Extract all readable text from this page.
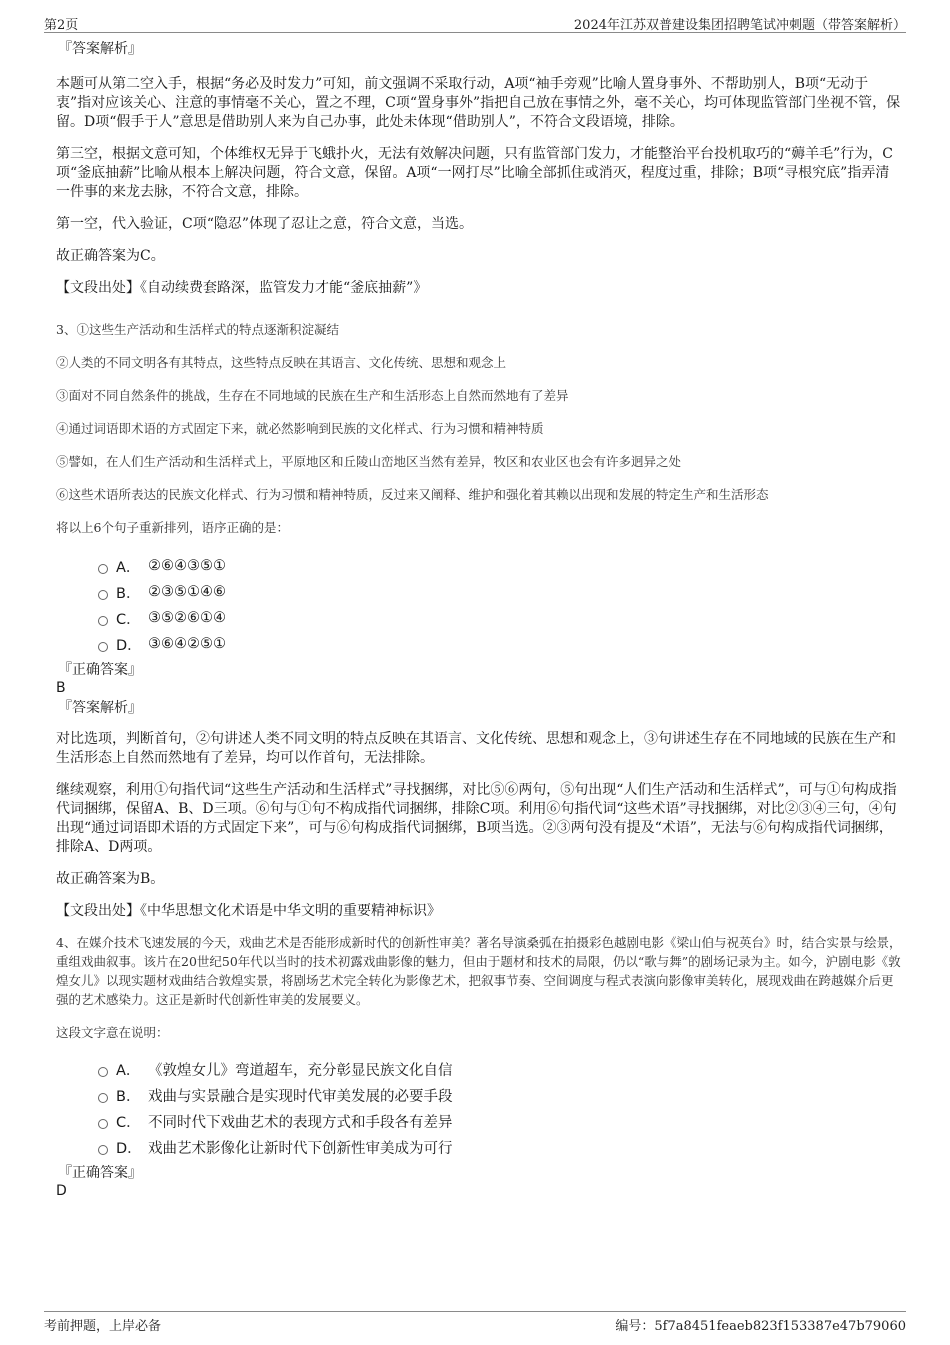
第2页	2024年江苏双普建设集团招聘笔试冲刺题（带答案解析）

『答案解析』

本题可从第二空入手，根据“务必及时发力”可知，前文强调不采取行动，A项“袖手旁观”比喻人置身事外、不帮助别人，B项“无动于衷”指对应该关心、注意的事情毫不关心，置之不理，C项“置身事外”指把自己放在事情之外，毫不关心，均可体现监管部门坐视不管，保留。D项“假手于人”意思是借助别人来为自己办事，此处未体现“借助别人”，不符合文段语境，排除。

第三空，根据文意可知，个体维权无异于飞蛾扑火，无法有效解决问题，只有监管部门发力，才能整治平台投机取巧的“薅羊毛”行为，C项“釜底抽薪”比喻从根本上解决问题，符合文意，保留。A项“一网打尽”比喻全部抓住或消灭，程度过重，排除；B项“寻根究底”指弄清一件事的来龙去脉，不符合文意，排除。

第一空，代入验证，C项“隐忍”体现了忍让之意，符合文意，当选。

故正确答案为C。

【文段出处】《自动续费套路深，监管发力才能“釜底抽薪”》

3、①这些生产活动和生活样式的特点逐渐积淀凝结

②人类的不同文明各有其特点，这些特点反映在其语言、文化传统、思想和观念上

③面对不同自然条件的挑战，生存在不同地域的民族在生产和生活形态上自然而然地有了差异

④通过词语即术语的方式固定下来，就必然影响到民族的文化样式、行为习惯和精神特质

⑤譬如，在人们生产活动和生活样式上，平原地区和丘陵山峦地区当然有差异，牧区和农业区也会有许多迥异之处

⑥这些术语所表达的民族文化样式、行为习惯和精神特质，反过来又阐释、维护和强化着其赖以出现和发展的特定生产和生活形态

将以上6个句子重新排列，语序正确的是：

A． ②⑥④③⑤①
B． ②③⑤①④⑥
C． ③⑤②⑥①④
D． ③⑥④②⑤①

『正确答案』

B

『答案解析』

对比选项，判断首句，②句讲述人类不同文明的特点反映在其语言、文化传统、思想和观念上，③句讲述生存在不同地域的民族在生产和生活形态上自然而然地有了差异，均可以作首句，无法排除。

继续观察，利用①句指代词“这些生产活动和生活样式”寻找捆绑，对比⑤⑥两句，⑤句出现“人们生产活动和生活样式”，可与①句构成指代词捆绑，保留A、B、D三项。⑥句与①句不构成指代词捆绑，排除C项。利用⑥句指代词“这些术语”寻找捆绑，对比②③④三句，④句出现“通过词语即术语的方式固定下来”，可与⑥句构成指代词捆绑，B项当选。②③两句没有提及“术语”，无法与⑥句构成指代词捆绑，排除A、D两项。

故正确答案为B。

【文段出处】《中华思想文化术语是中华文明的重要精神标识》

4、在媒介技术飞速发展的今天，戏曲艺术是否能形成新时代的创新性审美？著名导演桑弧在拍摄彩色越剧电影《梁山伯与祝英台》时，结合实景与绘景，重组戏曲叙事。该片在20世纪50年代以当时的技术初露戏曲影像的魅力，但由于题材和技术的局限，仍以“歌与舞”的剧场记录为主。如今，沪剧电影《敦煌女儿》以现实题材戏曲结合敦煌实景，将剧场艺术完全转化为影像艺术，把叙事节奏、空间调度与程式表演向影像审美转化，展现戏曲在跨越媒介后更强的艺术感染力。这正是新时代创新性审美的发展要义。

这段文字意在说明：

A． 《敦煌女儿》弯道超车，充分彰显民族文化自信
B． 戏曲与实景融合是实现时代审美发展的必要手段
C． 不同时代下戏曲艺术的表现方式和手段各有差异
D． 戏曲艺术影像化让新时代下创新性审美成为可行

『正确答案』

D

考前押题，上岸必备	编号：5f7a8451feaeb823f153387e47b79060
